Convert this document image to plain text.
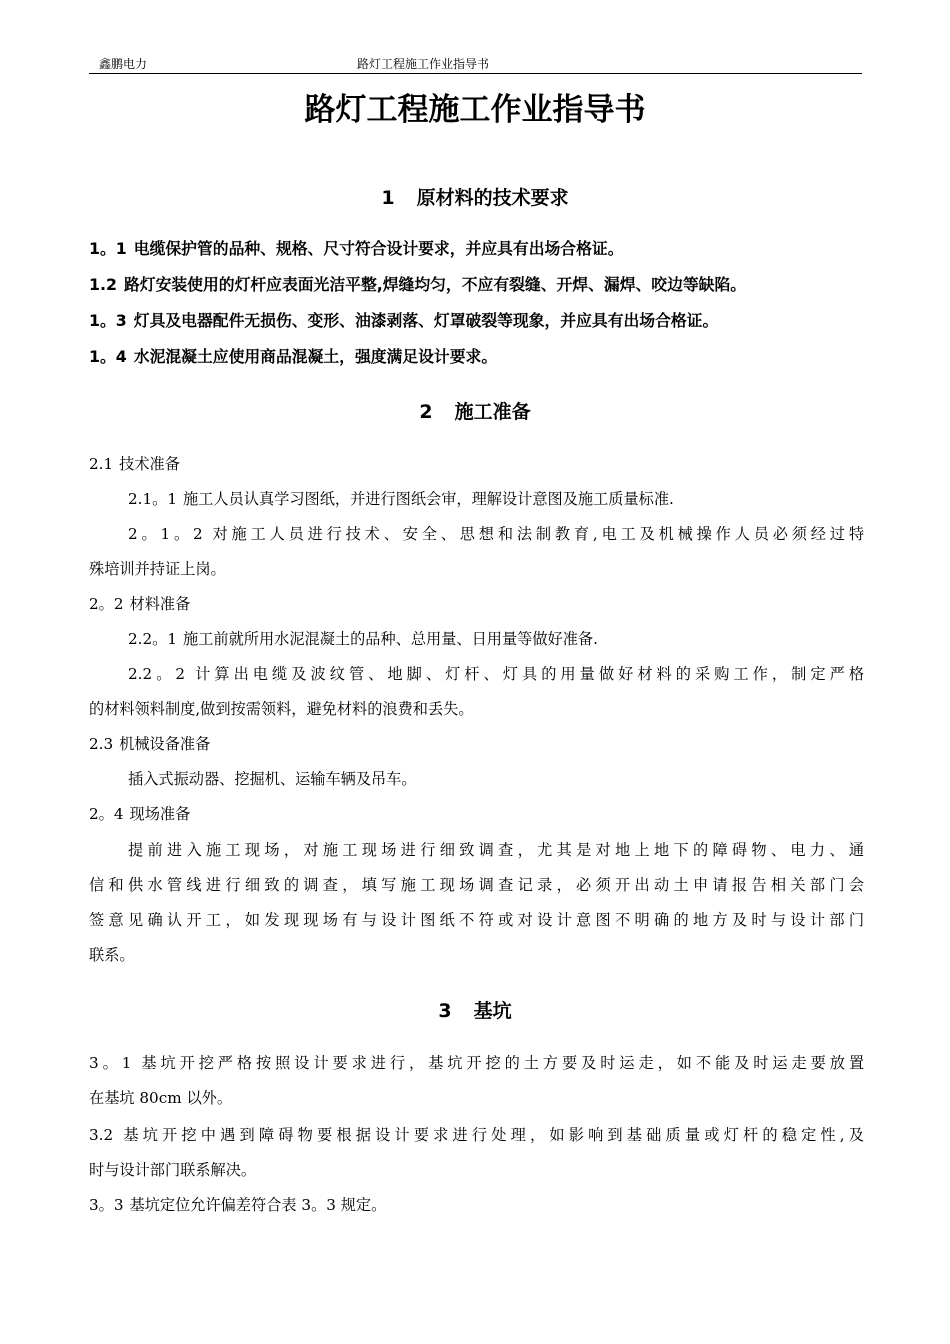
鑫鹏电力	路灯工程施工作业指导书
路灯工程施工作业指导书
1 原材料的技术要求
1。1 电缆保护管的品种、规格、尺寸符合设计要求，并应具有出场合格证。
1.2 路灯安装使用的灯杆应表面光洁平整,焊缝均匀，不应有裂缝、开焊、漏焊、咬边等缺陷。
1。3 灯具及电器配件无损伤、变形、油漆剥落、灯罩破裂等现象，并应具有出场合格证。
1。4 水泥混凝土应使用商品混凝土，强度满足设计要求。
2 施工准备
2.1 技术准备
2.1。1 施工人员认真学习图纸，并进行图纸会审，理解设计意图及施工质量标准.
2。1。2 对施工人员进行技术、安全、思想和法制教育,电工及机械操作人员必须经过特
殊培训并持证上岗。
2。2 材料准备
2.2。1 施工前就所用水泥混凝土的品种、总用量、日用量等做好准备.
2.2。2 计算出电缆及波纹管、地脚、灯杆、灯具的用量做好材料的采购工作，制定严格
的材料领料制度,做到按需领料，避免材料的浪费和丢失。
2.3 机械设备准备
插入式振动器、挖掘机、运输车辆及吊车。
2。4 现场准备
提前进入施工现场，对施工现场进行细致调查，尤其是对地上地下的障碍物、电力、通
信和供水管线进行细致的调查，填写施工现场调查记录，必须开出动土申请报告相关部门会
签意见确认开工，如发现现场有与设计图纸不符或对设计意图不明确的地方及时与设计部门
联系。
3 基坑
3。1 基坑开挖严格按照设计要求进行，基坑开挖的土方要及时运走，如不能及时运走要放置
在基坑 80cm 以外。
3.2 基坑开挖中遇到障碍物要根据设计要求进行处理，如影响到基础质量或灯杆的稳定性,及
时与设计部门联系解决。
3。3 基坑定位允许偏差符合表 3。3 规定。
